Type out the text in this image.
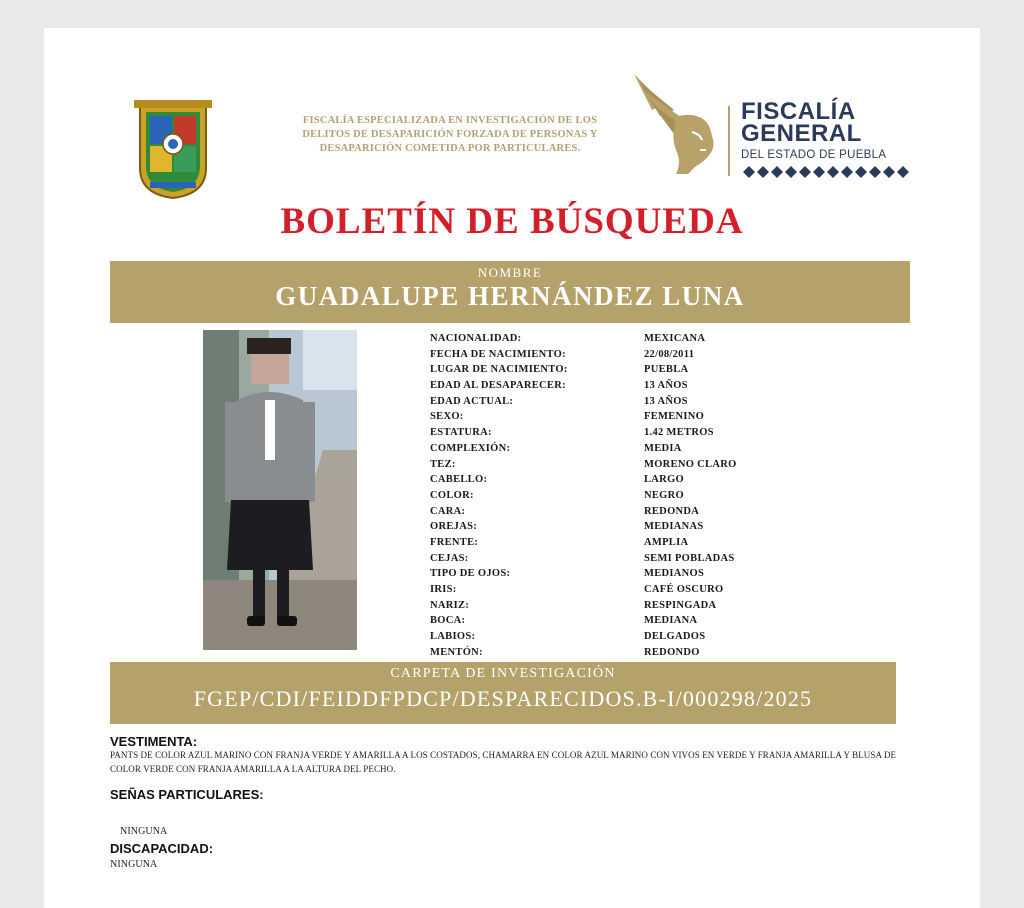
FISCALÍA ESPECIALIZADA EN INVESTIGACIÓN DE LOS DELITOS DE DESAPARICIÓN FORZADA DE PERSONAS Y DESAPARICIÓN COMETIDA POR PARTICULARES.
FISCALÍA
GENERAL
DEL ESTADO DE PUEBLA
BOLETÍN DE BÚSQUEDA
NOMBRE
GUADALUPE HERNÁNDEZ LUNA
NACIONALIDAD:	MEXICANA
FECHA DE NACIMIENTO:	22/08/2011
LUGAR DE NACIMIENTO:	PUEBLA
EDAD AL DESAPARECER:	13 AÑOS
EDAD ACTUAL:	13 AÑOS
SEXO:	FEMENINO
ESTATURA:	1.42 METROS
COMPLEXIÓN:	MEDIA
TEZ:	MORENO CLARO
CABELLO:	LARGO
COLOR:	NEGRO
CARA:	REDONDA
OREJAS:	MEDIANAS
FRENTE:	AMPLIA
CEJAS:	SEMI POBLADAS
TIPO DE OJOS:	MEDIANOS
IRIS:	CAFÉ OSCURO
NARIZ:	RESPINGADA
BOCA:	MEDIANA
LABIOS:	DELGADOS
MENTÓN:	REDONDO
CARPETA DE INVESTIGACIÓN
FGEP/CDI/FEIDDFPDCP/DESPARECIDOS.B-I/000298/2025
VESTIMENTA:
PANTS DE COLOR AZUL MARINO CON FRANJA VERDE Y AMARILLA A LOS COSTADOS, CHAMARRA EN COLOR AZUL MARINO CON VIVOS EN VERDE Y FRANJA AMARILLA Y BLUSA DE COLOR VERDE CON FRANJA AMARILLA A LA ALTURA DEL PECHO.
SEÑAS PARTICULARES:
NINGUNA
DISCAPACIDAD:
NINGUNA
